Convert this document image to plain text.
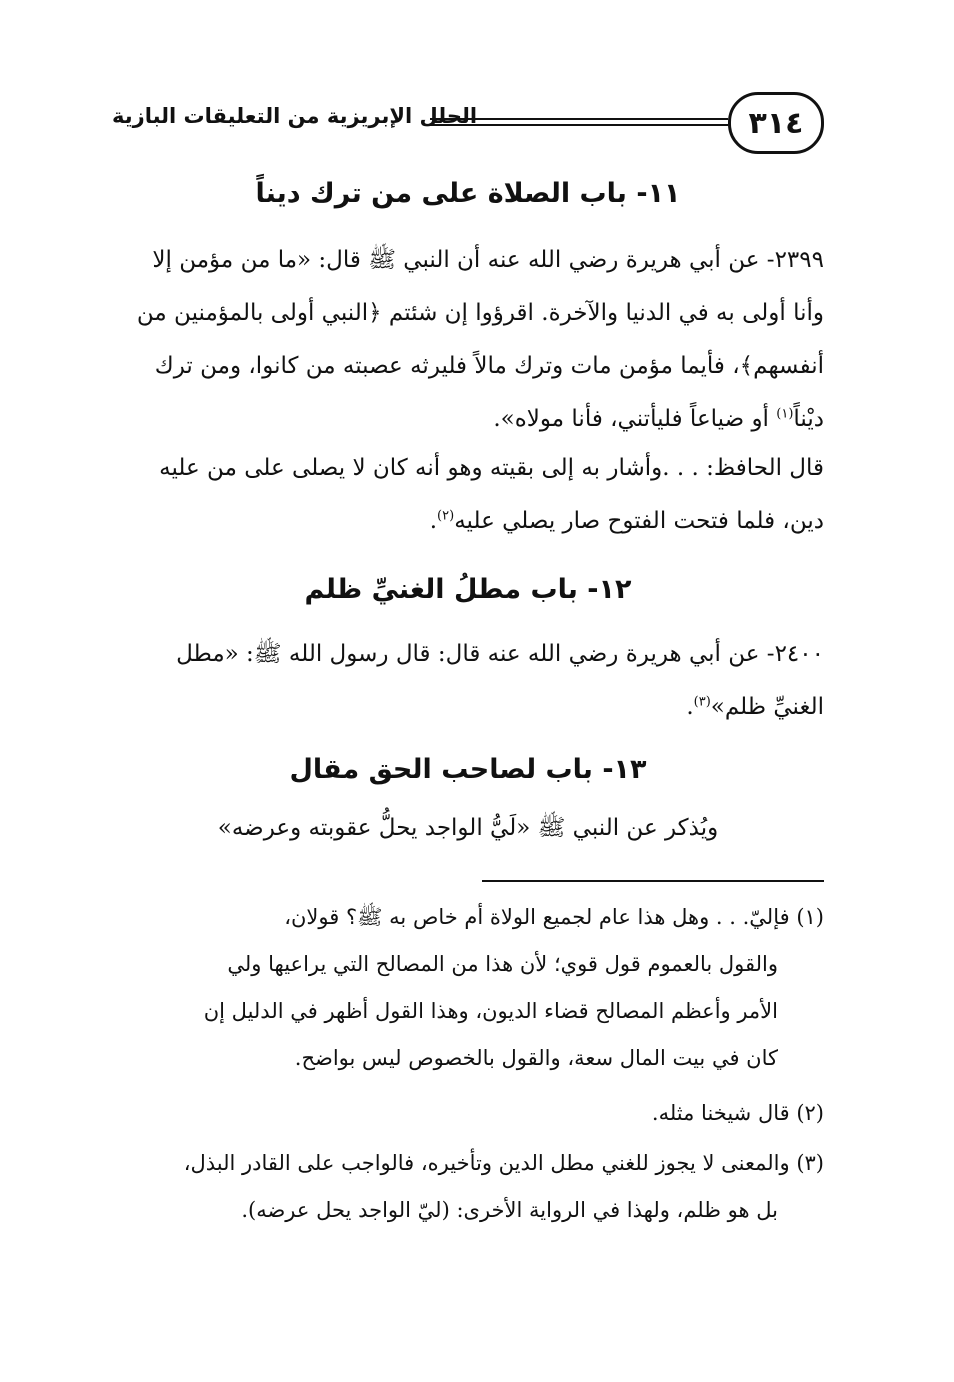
٣١٤
الحلل الإبريزية من التعليقات البازية
١١- باب الصلاة على من ترك ديناً

٢٣٩٩- عن أبي هريرة رضي الله عنه أن النبي ﷺ قال: «ما من مؤمن إلا

وأنا أولى به في الدنيا والآخرة. اقرؤوا إن شئتم ﴿النبي أولى بالمؤمنين من

أنفسهم﴾، فأيما مؤمن مات وترك مالاً فليرثه عصبته من كانوا، ومن ترك

ديْناً$^{(١)}$ أو ضياعاً فليأتني، فأنا مولاه».

قال الحافظ: . . .وأشار به إلى بقيته وهو أنه كان لا يصلى على من عليه

دين، فلما فتحت الفتوح صار يصلي عليه$^{(٢)}$.

١٢- باب مطلُ الغنيِّ ظلم

٢٤٠٠- عن أبي هريرة رضي الله عنه قال: قال رسول الله ﷺ: «مطل

الغنيِّ ظلم»$^{(٣)}$.

١٣- باب لصاحب الحق مقال
ويُذكر عن النبي ﷺ «لَيُّ الواجد يحلُّ عقوبته وعرضه»
(١) فإليّ. . . وهل هذا عام لجميع الولاة أم خاص به ﷺ؟ قولان،
والقول بالعموم قول قوي؛ لأن هذا من المصالح التي يراعيها ولي
الأمر وأعظم المصالح قضاء الديون، وهذا القول أظهر في الدليل إن
كان في بيت المال سعة، والقول بالخصوص ليس بواضح.
(٢) قال شيخنا مثله.
(٣) والمعنى لا يجوز للغني مطل الدين وتأخيره، فالواجب على القادر البذل،
بل هو ظلم، ولهذا في الرواية الأخرى: (ليّ الواجد يحل عرضه).
